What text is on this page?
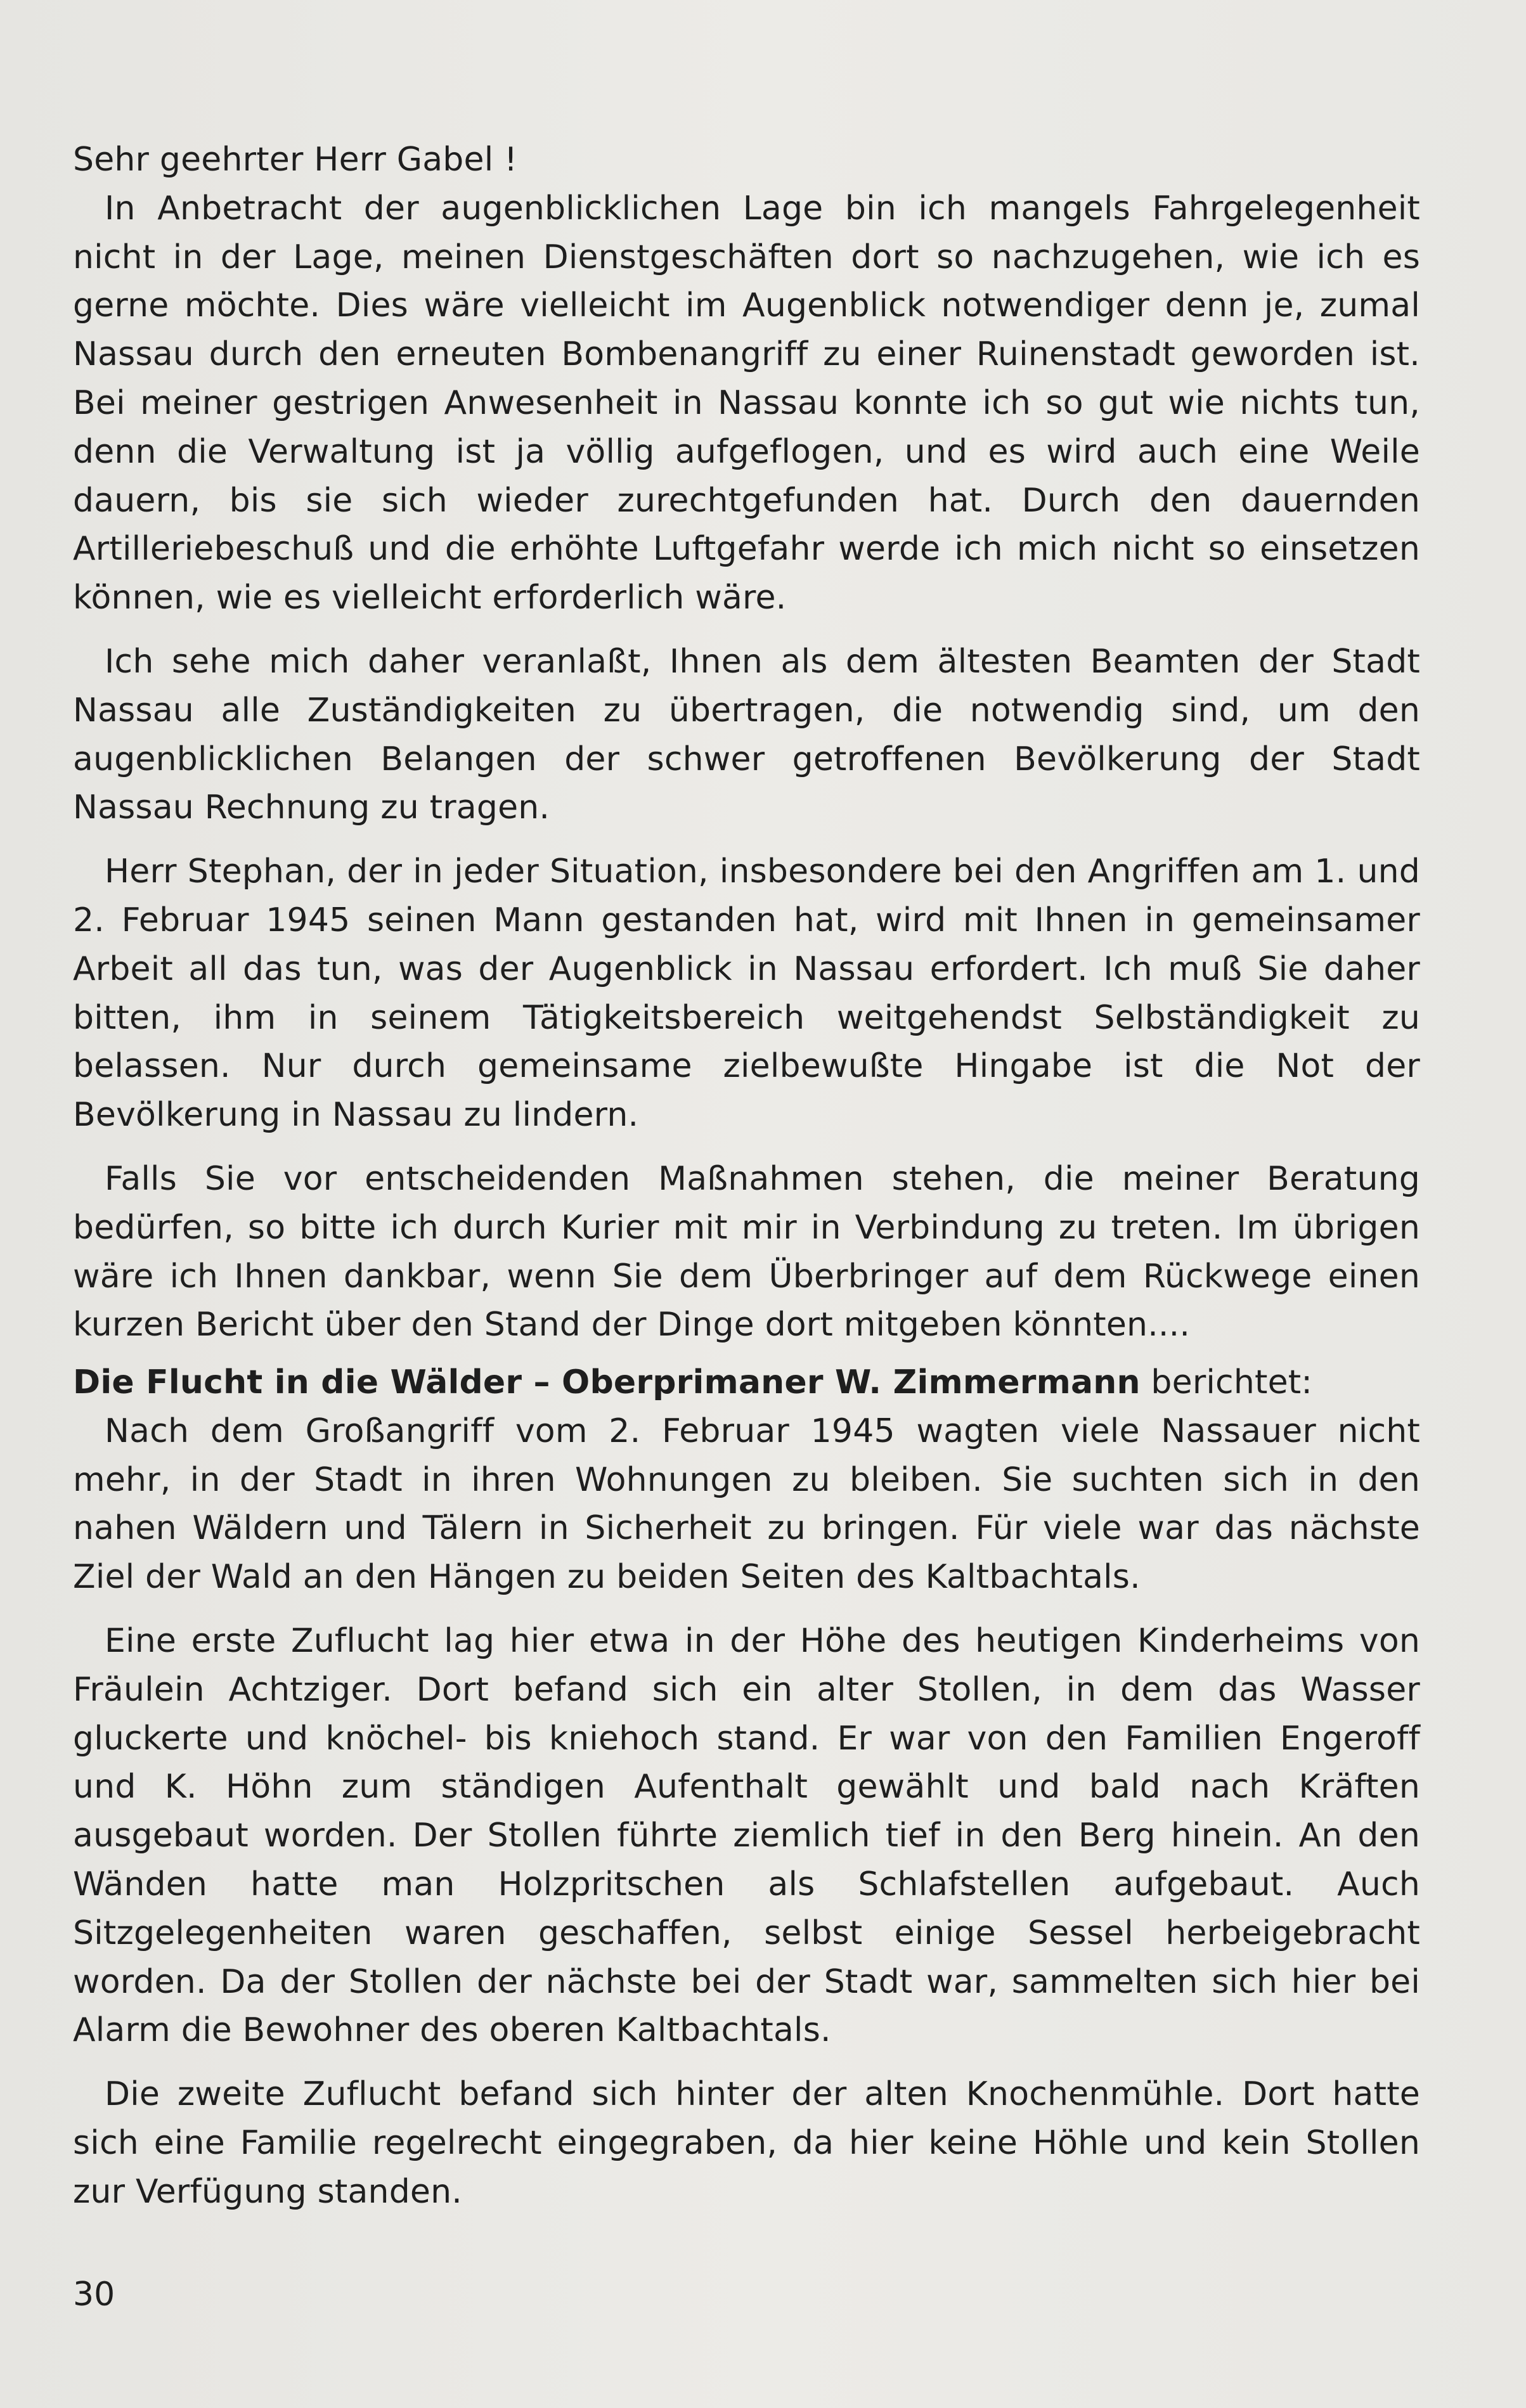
Sehr geehrter Herr Gabel !

In Anbetracht der augenblicklichen Lage bin ich mangels Fahrgelegenheit nicht in der Lage, meinen Dienstgeschäften dort so nachzugehen, wie ich es gerne möchte. Dies wäre vielleicht im Augenblick notwendiger denn je, zumal Nassau durch den erneuten Bombenangriff zu einer Ruinenstadt geworden ist. Bei meiner gestrigen Anwesenheit in Nassau konnte ich so gut wie nichts tun, denn die Verwaltung ist ja völlig aufgeflogen, und es wird auch eine Weile dauern, bis sie sich wieder zurechtgefunden hat. Durch den dauernden Artilleriebeschuß und die erhöhte Luftgefahr werde ich mich nicht so einsetzen können, wie es vielleicht erforderlich wäre.

Ich sehe mich daher veranlaßt, Ihnen als dem ältesten Beamten der Stadt Nassau alle Zuständigkeiten zu übertragen, die notwendig sind, um den augenblicklichen Belangen der schwer getroffenen Bevölkerung der Stadt Nassau Rechnung zu tragen.

Herr Stephan, der in jeder Situation, insbesondere bei den Angriffen am 1. und 2. Februar 1945 seinen Mann gestanden hat, wird mit Ihnen in gemeinsamer Arbeit all das tun, was der Augenblick in Nassau erfordert. Ich muß Sie daher bitten, ihm in seinem Tätigkeitsbereich weitgehendst Selbständigkeit zu belassen. Nur durch gemeinsame zielbewußte Hingabe ist die Not der Bevölkerung in Nassau zu lindern.

Falls Sie vor entscheidenden Maßnahmen stehen, die meiner Beratung bedürfen, so bitte ich durch Kurier mit mir in Verbindung zu treten. Im übrigen wäre ich Ihnen dankbar, wenn Sie dem Überbringer auf dem Rückwege einen kurzen Bericht über den Stand der Dinge dort mitgeben könnten....

Die Flucht in die Wälder – Oberprimaner W. Zimmermann berichtet:

Nach dem Großangriff vom 2. Februar 1945 wagten viele Nassauer nicht mehr, in der Stadt in ihren Wohnungen zu bleiben. Sie suchten sich in den nahen Wäldern und Tälern in Sicherheit zu bringen. Für viele war das nächste Ziel der Wald an den Hängen zu beiden Seiten des Kaltbachtals.

Eine erste Zuflucht lag hier etwa in der Höhe des heutigen Kinderheims von Fräulein Achtziger. Dort befand sich ein alter Stollen, in dem das Wasser gluckerte und knöchel- bis kniehoch stand. Er war von den Familien Engeroff und K. Höhn zum ständigen Aufenthalt gewählt und bald nach Kräften ausgebaut worden. Der Stollen führte ziemlich tief in den Berg hinein. An den Wänden hatte man Holzpritschen als Schlafstellen aufgebaut. Auch Sitzgelegenheiten waren geschaffen, selbst einige Sessel herbeigebracht worden. Da der Stollen der nächste bei der Stadt war, sammelten sich hier bei Alarm die Bewohner des oberen Kaltbachtals.

Die zweite Zuflucht befand sich hinter der alten Knochenmühle. Dort hatte sich eine Familie regelrecht eingegraben, da hier keine Höhle und kein Stollen zur Verfügung standen.

30
